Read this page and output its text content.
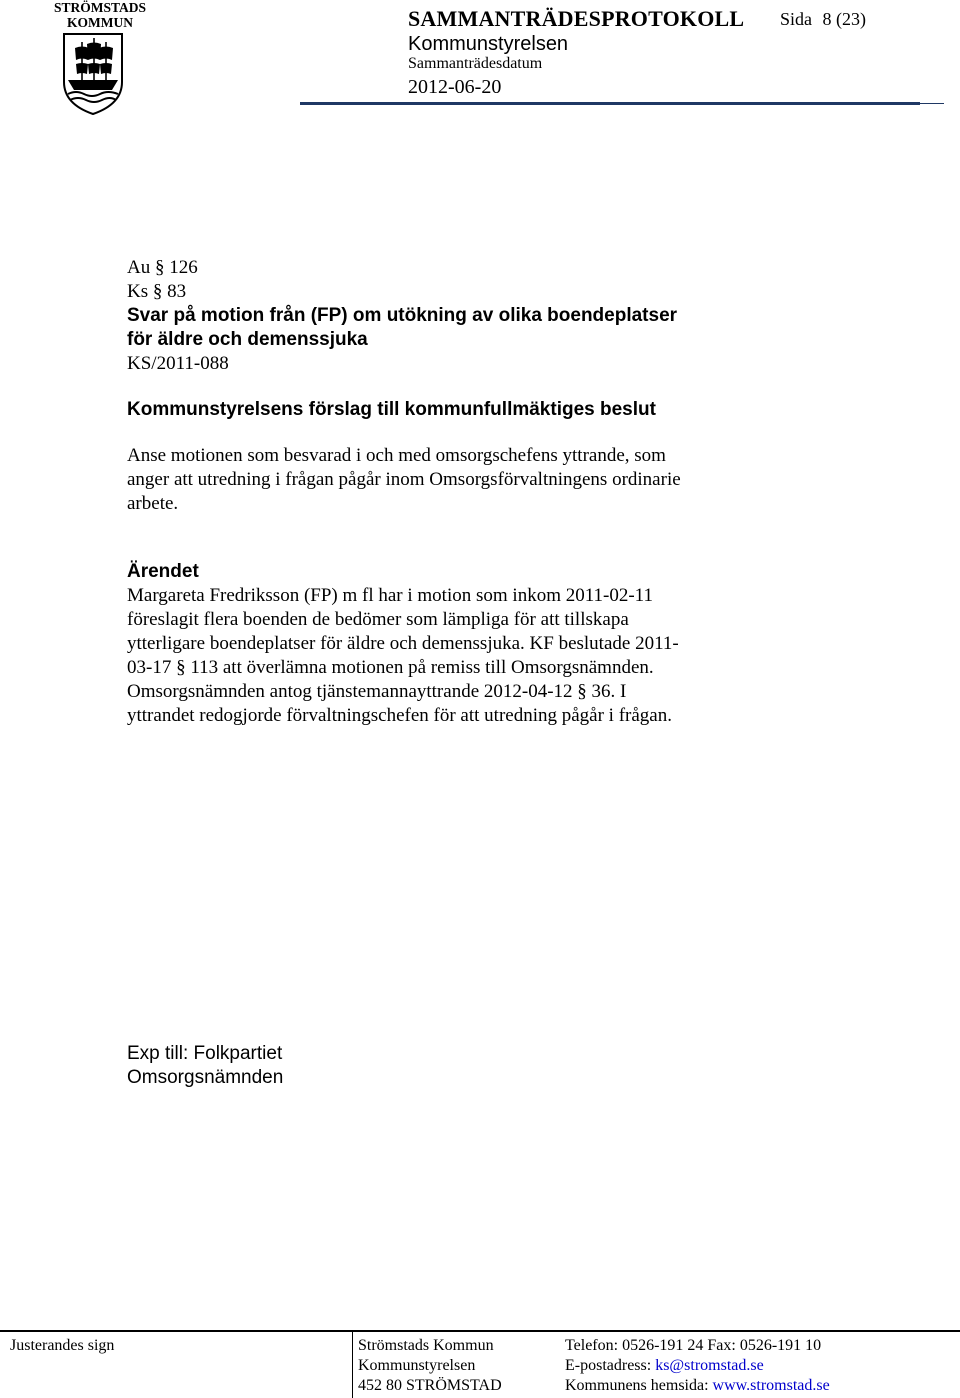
STRÖMSTADS
KOMMUN	SAMMANTRÄDESPROTOKOLL Sida 8 (23)
Kommunstyrelsen
Sammanträdesdatum
2012-06-20
Au § 126
Ks § 83
Svar på motion från (FP) om utökning av olika boendeplatser
för äldre och demenssjuka
KS/2011-088
Kommunstyrelsens förslag till kommunfullmäktiges beslut
Anse motionen som besvarad i och med omsorgschefens yttrande, som
anger att utredning i frågan pågår inom Omsorgsförvaltningens ordinarie
arbete.
Ärendet
Margareta Fredriksson (FP) m fl har i motion som inkom 2011-02-11
föreslagit flera boenden de bedömer som lämpliga för att tillskapa
ytterligare boendeplatser för äldre och demenssjuka. KF beslutade 2011-
03-17 § 113 att överlämna motionen på remiss till Omsorgsnämnden.
Omsorgsnämnden antog tjänstemannayttrande 2012-04-12 § 36. I
yttrandet redogjorde förvaltningschefen för att utredning pågår i frågan.
Exp till: Folkpartiet
Omsorgsnämnden
Justerandes sign	Strömstads Kommun
Kommunstyrelsen
452 80 STRÖMSTAD
Telefon: 0526-191 24 Fax: 0526-191 10
E-postadress: ks@stromstad.se
Kommunens hemsida: www.stromstad.se
